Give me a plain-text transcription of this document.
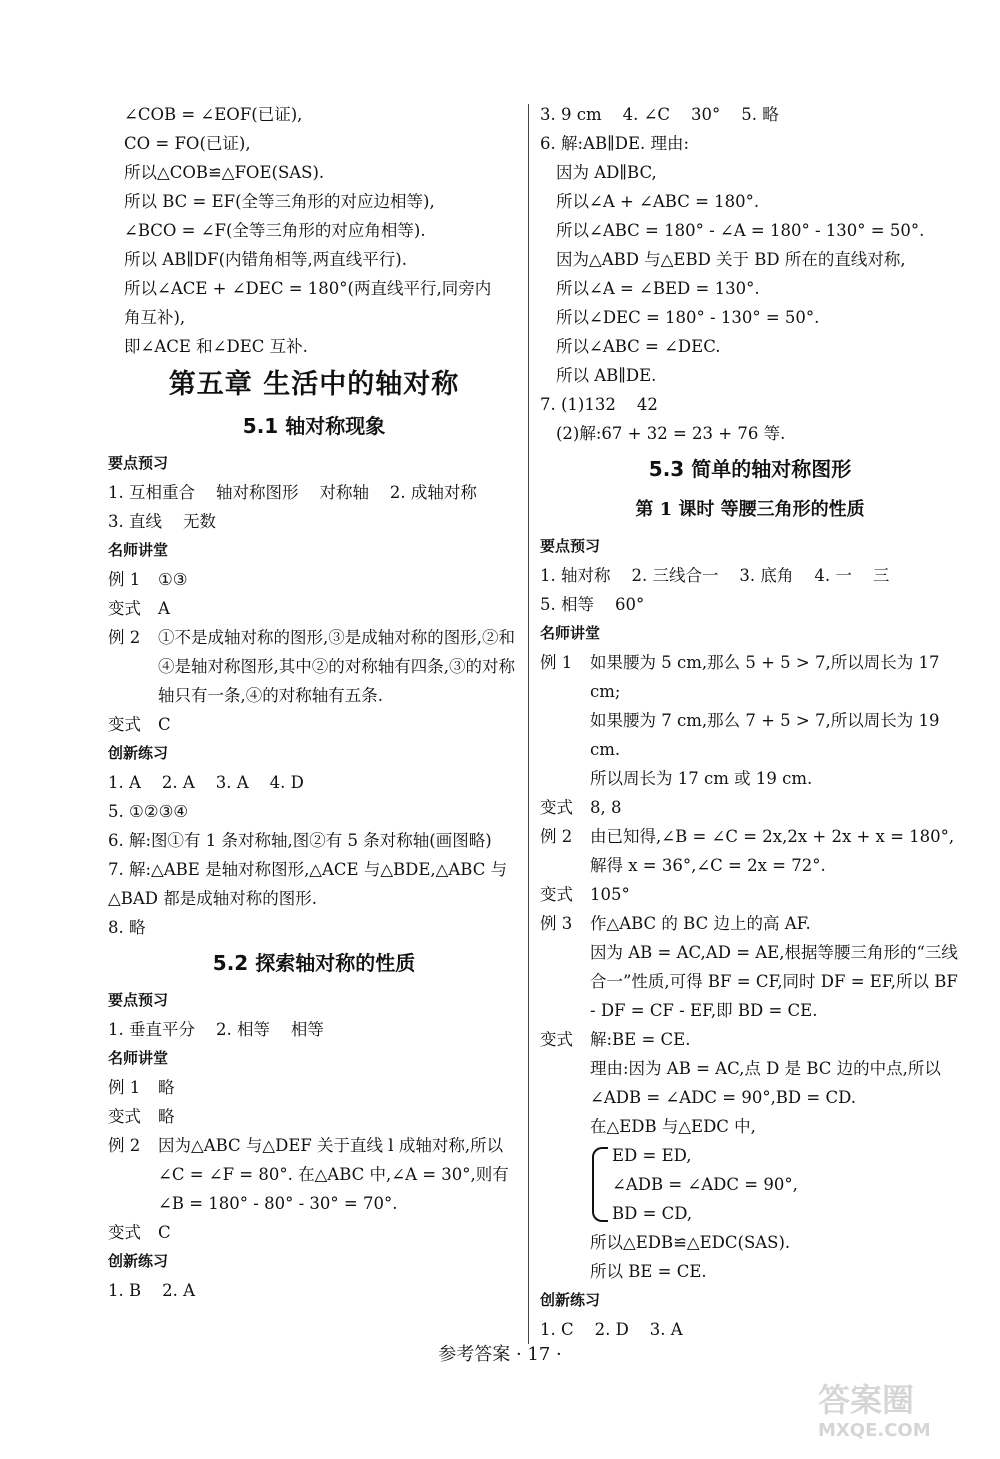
∠COB = ∠EOF(已证),
CO = FO(已证),
所以△COB≌△FOE(SAS).
所以 BC = EF(全等三角形的对应边相等),
∠BCO = ∠F(全等三角形的对应角相等).
所以 AB∥DF(内错角相等,两直线平行).
所以∠ACE + ∠DEC = 180°(两直线平行,同旁内
角互补),
即∠ACE 和∠DEC 互补.
第五章 生活中的轴对称
5.1 轴对称现象
要点预习
1. 互相重合    轴对称图形    对称轴    2. 成轴对称
3. 直线    无数
名师讲堂
例 1	①③
变式	A
例 2	①不是成轴对称的图形,③是成轴对称的图形,②和④是轴对称图形,其中②的对称轴有四条,③的对称轴只有一条,④的对称轴有五条.
变式	C
创新练习
1. A    2. A    3. A    4. D
5. ①②③④
6. 解:图①有 1 条对称轴,图②有 5 条对称轴(画图略)
7. 解:△ABE 是轴对称图形,△ACE 与△BDE,△ABC 与△BAD 都是成轴对称的图形.
8. 略
5.2 探索轴对称的性质
要点预习
1. 垂直平分    2. 相等    相等
名师讲堂
例 1	略
变式	略
例 2	因为△ABC 与△DEF 关于直线 l 成轴对称,所以∠C = ∠F = 80°. 在△ABC 中,∠A = 30°,则有∠B = 180° - 80° - 30° = 70°.
变式	C
创新练习
1. B    2. A
3. 9 cm    4. ∠C    30°    5. 略
6. 解:AB∥DE. 理由:
因为 AD∥BC,
所以∠A + ∠ABC = 180°.
所以∠ABC = 180° - ∠A = 180° - 130° = 50°.
因为△ABD 与△EBD 关于 BD 所在的直线对称,
所以∠A = ∠BED = 130°.
所以∠DEC = 180° - 130° = 50°.
所以∠ABC = ∠DEC.
所以 AB∥DE.
7. (1)132    42
(2)解:67 + 32 = 23 + 76 等.
5.3 简单的轴对称图形
第 1 课时 等腰三角形的性质
要点预习
1. 轴对称    2. 三线合一    3. 底角    4. 一    三
5. 相等    60°
名师讲堂
例 1	如果腰为 5 cm,那么 5 + 5 > 7,所以周长为 17 cm;
如果腰为 7 cm,那么 7 + 5 > 7,所以周长为 19 cm.
所以周长为 17 cm 或 19 cm.
变式	8, 8
例 2	由已知得,∠B = ∠C = 2x,2x + 2x + x = 180°,解得 x = 36°,∠C = 2x = 72°.
变式	105°
例 3	作△ABC 的 BC 边上的高 AF.
因为 AB = AC,AD = AE,根据等腰三角形的“三线合一”性质,可得 BF = CF,同时 DF = EF,所以 BF - DF = CF - EF,即 BD = CE.
变式	解:BE = CE.
理由:因为 AB = AC,点 D 是 BC 边的中点,所以∠ADB = ∠ADC = 90°,BD = CD.
在△EDB 与△EDC 中,
ED = ED,
∠ADB = ∠ADC = 90°,
BD = CD,
所以△EDB≌△EDC(SAS).
所以 BE = CE.
创新练习
1. C    2. D    3. A
参考答案 · 17 ·
答案圈
MXQE.COM
